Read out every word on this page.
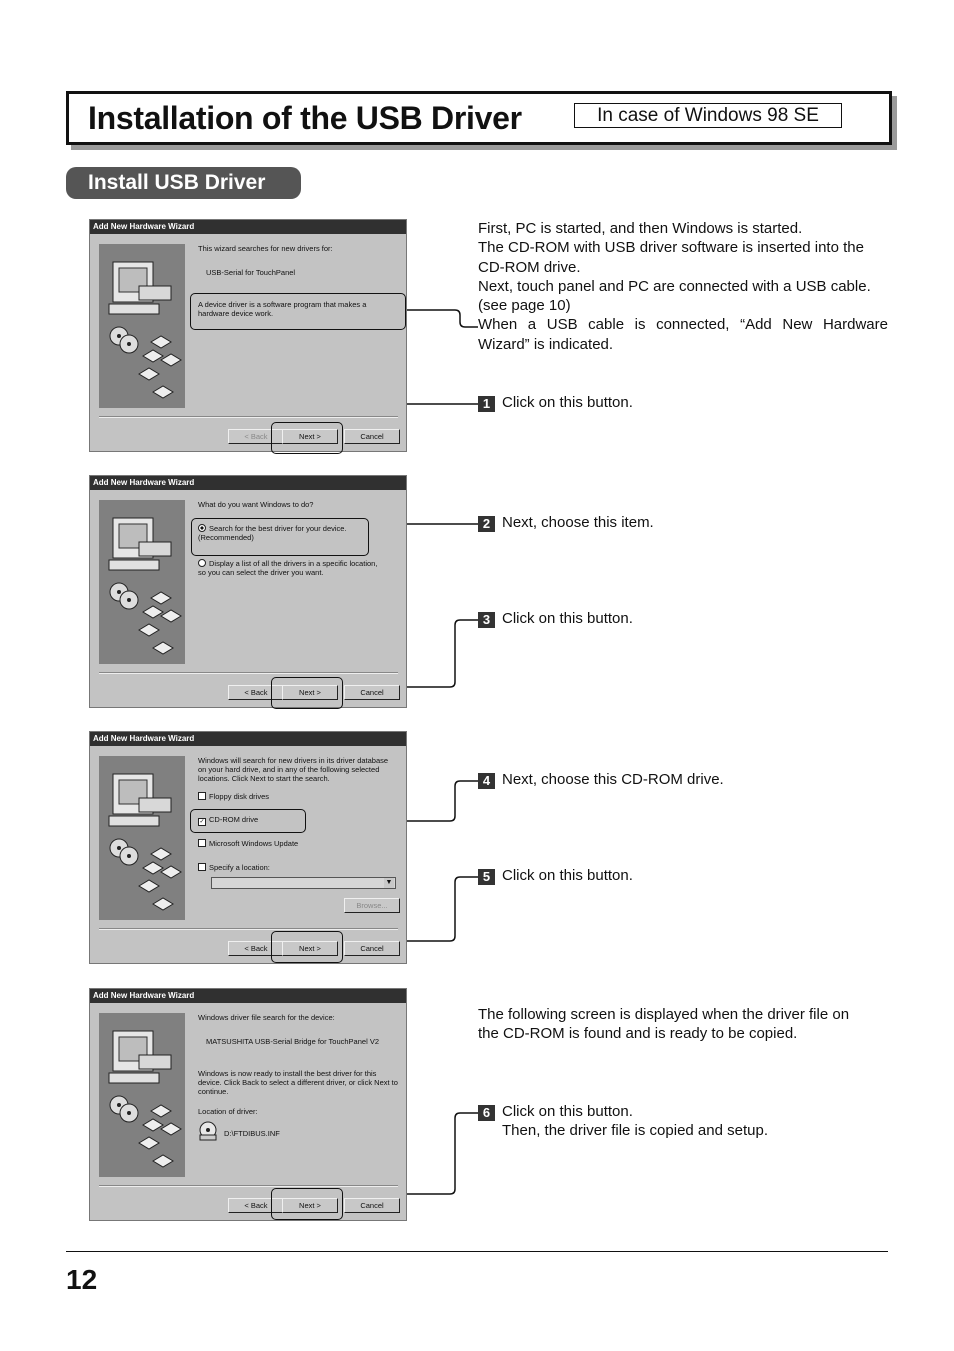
Installation of the USB Driver	In case of Windows 98 SE
Install USB Driver
Add New Hardware Wizard
This wizard searches for new drivers for:
USB-Serial for TouchPanel
A device driver is a software program that makes a hardware device work.
< Back	Next >	Cancel
Add New Hardware Wizard
What do you want Windows to do?
Search for the best driver for your device. (Recommended)
Display a list of all the drivers in a specific location, so you can select the driver you want.
< Back	Next >	Cancel
Add New Hardware Wizard
Windows will search for new drivers in its driver database on your hard drive, and in any of the following selected locations. Click Next to start the search.
Floppy disk drives
✓ CD-ROM drive
Microsoft Windows Update
Specify a location:
▼
Browse...
< Back	Next >	Cancel
Add New Hardware Wizard
Windows driver file search for the device:
MATSUSHITA USB-Serial Bridge for TouchPanel V2
Windows is now ready to install the best driver for this device. Click Back to select a different driver, or click Next to continue.
Location of driver:
D:\FTDIBUS.INF
< Back	Next >	Cancel
First, PC is started, and then Windows is started.
The CD-ROM with USB driver software is inserted into the
CD-ROM drive.
Next, touch panel and PC are connected with a USB cable.
(see page 10)
When a USB cable is connected, “Add New Hardware
Wizard” is indicated.
1 Click on this button.
2 Next, choose this item.
3 Click on this button.
4 Next, choose this CD-ROM drive.
5 Click on this button.
The following screen is displayed when the driver file on
the CD-ROM is found and is ready to be copied.
6 Click on this button.
Then, the driver file is copied and setup.
12
